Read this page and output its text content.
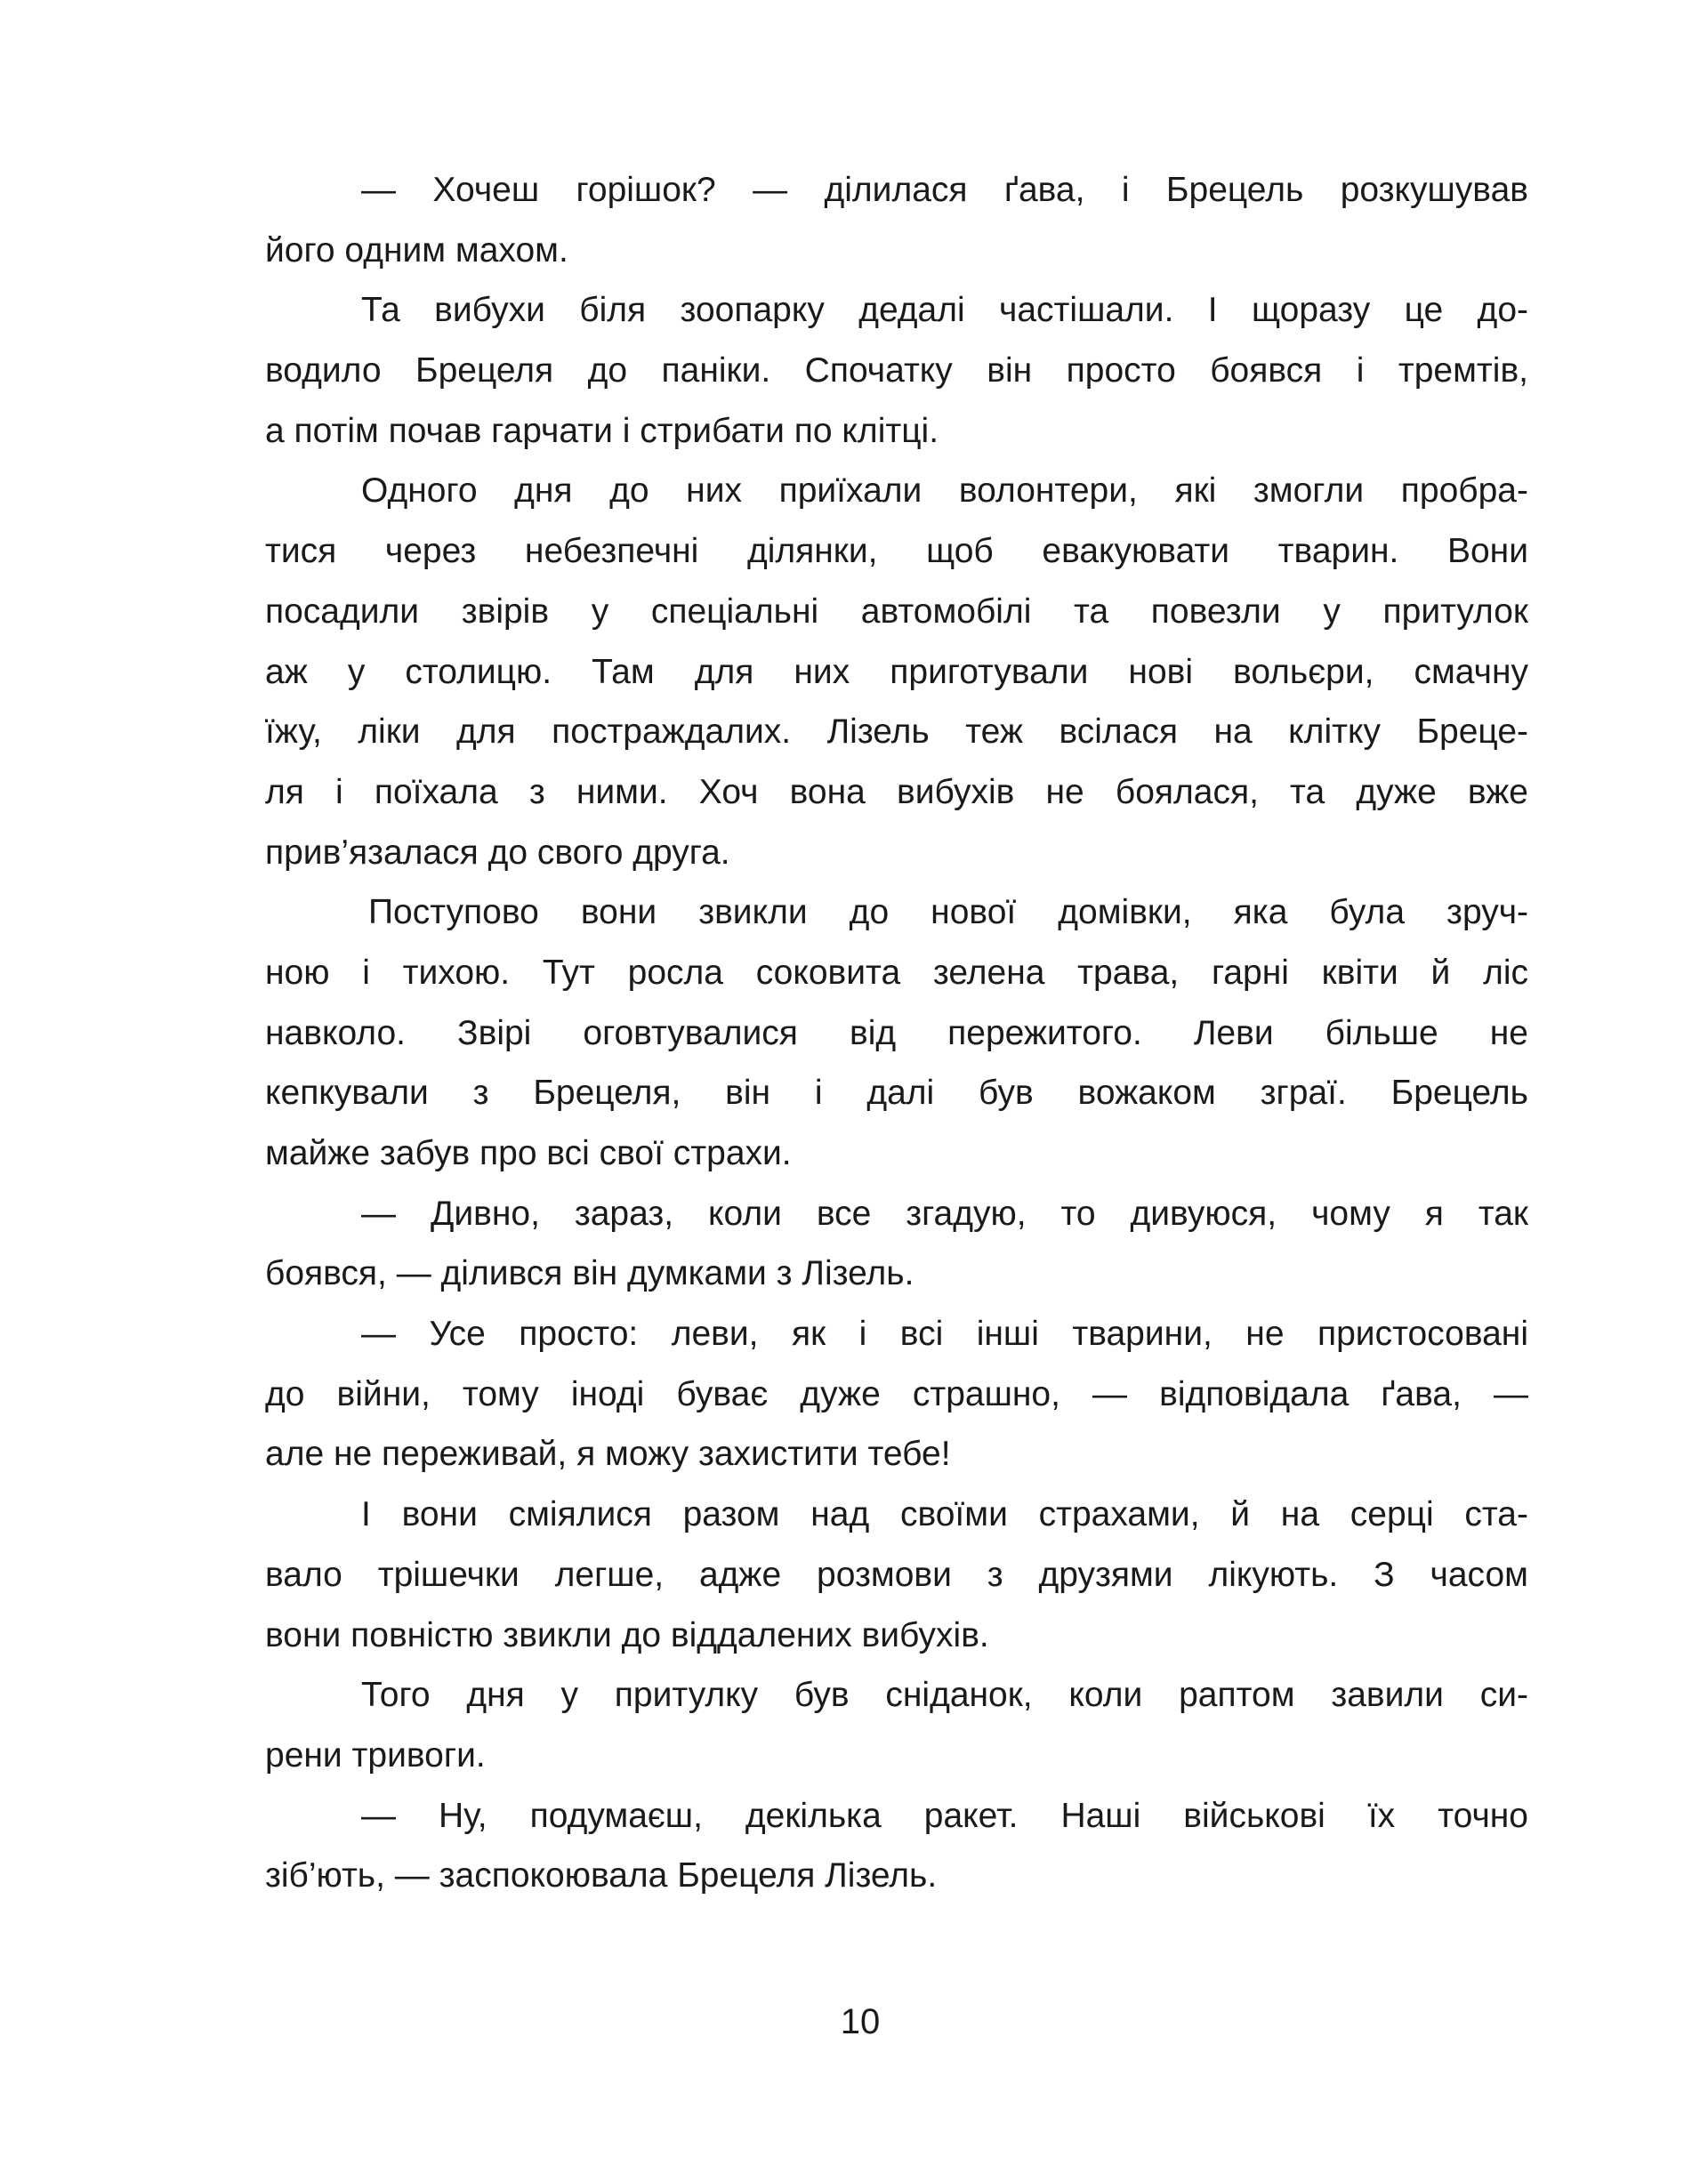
— Хочеш горішок? — ділилася ґава, і Брецель розкушував
його одним махом.
Та вибухи біля зоопарку дедалі частішали. І щоразу це до-
водило Брецеля до паніки. Спочатку він просто боявся і тремтів,
а потім почав гарчати і стрибати по клітці.
Одного дня до них приїхали волонтери, які змогли пробра-
тися через небезпечні ділянки, щоб евакуювати тварин. Вони
посадили звірів у спеціальні автомобілі та повезли у притулок
аж у столицю. Там для них приготували нові вольєри, смачну
їжу, ліки для постраждалих. Лізель теж всілася на клітку Бреце-
ля і поїхала з ними. Хоч вона вибухів не боялася, та дуже вже
прив’язалася до свого друга.
Поступово вони звикли до нової домівки, яка була зруч-
ною і тихою. Тут росла соковита зелена трава, гарні квіти й ліс
навколо. Звірі оговтувалися від пережитого. Леви більше не
кепкували з Брецеля, він і далі був вожаком зграї. Брецель
майже забув про всі свої страхи.
— Дивно, зараз, коли все згадую, то дивуюся, чому я так
боявся, — ділився він думками з Лізель.
— Усе просто: леви, як і всі інші тварини, не пристосовані
до війни, тому іноді буває дуже страшно, — відповідала ґава, —
але не переживай, я можу захистити тебе!
І вони сміялися разом над своїми страхами, й на серці ста-
вало трішечки легше, адже розмови з друзями лікують. З часом
вони повністю звикли до віддалених вибухів.
Того дня у притулку був сніданок, коли раптом завили си-
рени тривоги.
— Ну, подумаєш, декілька ракет. Наші військові їх точно
зіб’ють, — заспокоювала Брецеля Лізель.
10
